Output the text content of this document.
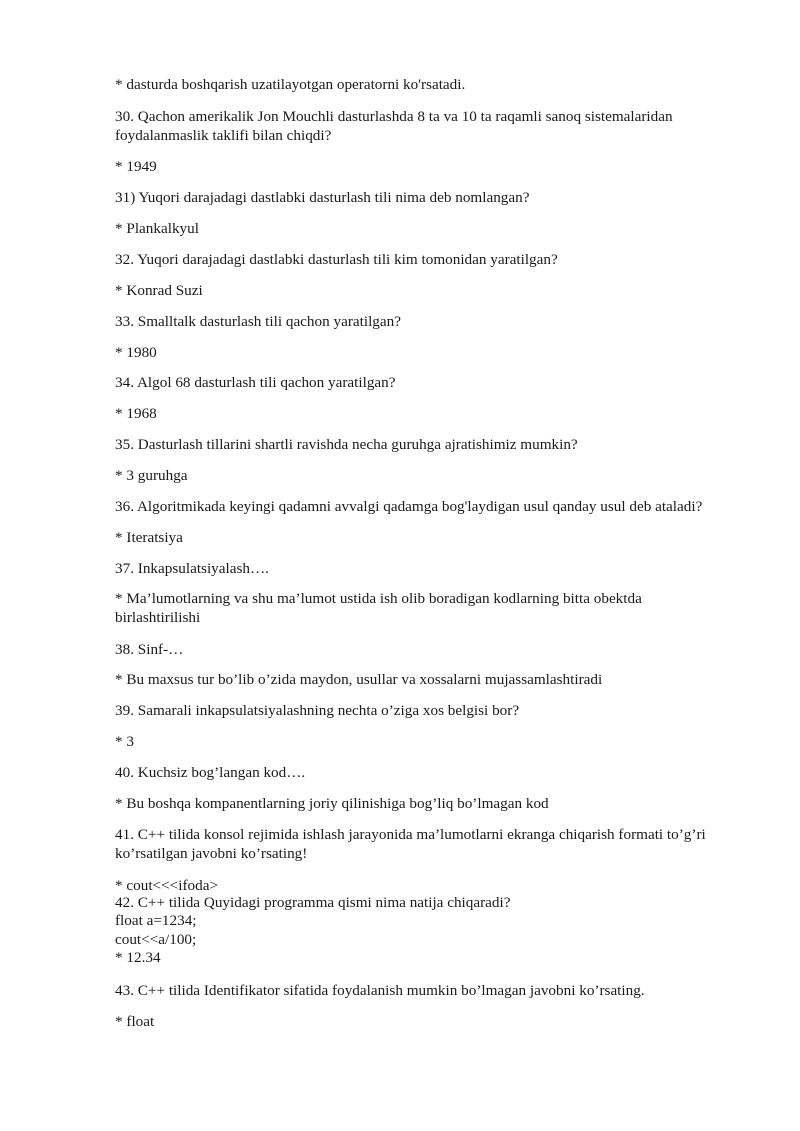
* dasturda boshqarish uzatilayotgan operatorni ko'rsatadi.
30. Qachon amerikalik Jon Mouchli dasturlashda 8 ta va 10 ta raqamli sanoq sistemalaridan
foydalanmaslik taklifi bilan chiqdi?
* 1949
31) Yuqori darajadagi dastlabki dasturlash tili nima deb nomlangan?
* Plankalkyul
32. Yuqori darajadagi dastlabki dasturlash tili kim tomonidan yaratilgan?
* Konrad Suzi
33. Smalltalk dasturlash tili qachon yaratilgan?
* 1980
34. Algol 68 dasturlash tili qachon yaratilgan?
* 1968
35. Dasturlash tillarini shartli ravishda necha guruhga ajratishimiz mumkin?
* 3 guruhga
36. Algoritmikada keyingi qadamni avvalgi qadamga bog'laydigan usul qanday usul deb ataladi?
* Iteratsiya
37. Inkapsulatsiyalash….
* Ma’lumotlarning va shu ma’lumot ustida ish olib boradigan kodlarning bitta obektda
birlashtirilishi
38. Sinf-…
* Bu maxsus tur bo’lib o’zida maydon, usullar va xossalarni mujassamlashtiradi
39. Samarali inkapsulatsiyalashning nechta o’ziga xos belgisi bor?
* 3
40. Kuchsiz bog’langan kod….
* Bu boshqa kompanentlarning joriy qilinishiga bog’liq bo’lmagan kod
41. C++ tilida konsol rejimida ishlash jarayonida ma’lumotlarni ekranga chiqarish formati to’g’ri
ko’rsatilgan javobni ko’rsating!
* cout<<<ifoda>
42. C++ tilida Quyidagi programma qismi nima natija chiqaradi?
float a=1234;
cout<<a/100;
* 12.34
43. C++ tilida Identifikator sifatida foydalanish mumkin bo’lmagan javobni ko’rsating.
* float
